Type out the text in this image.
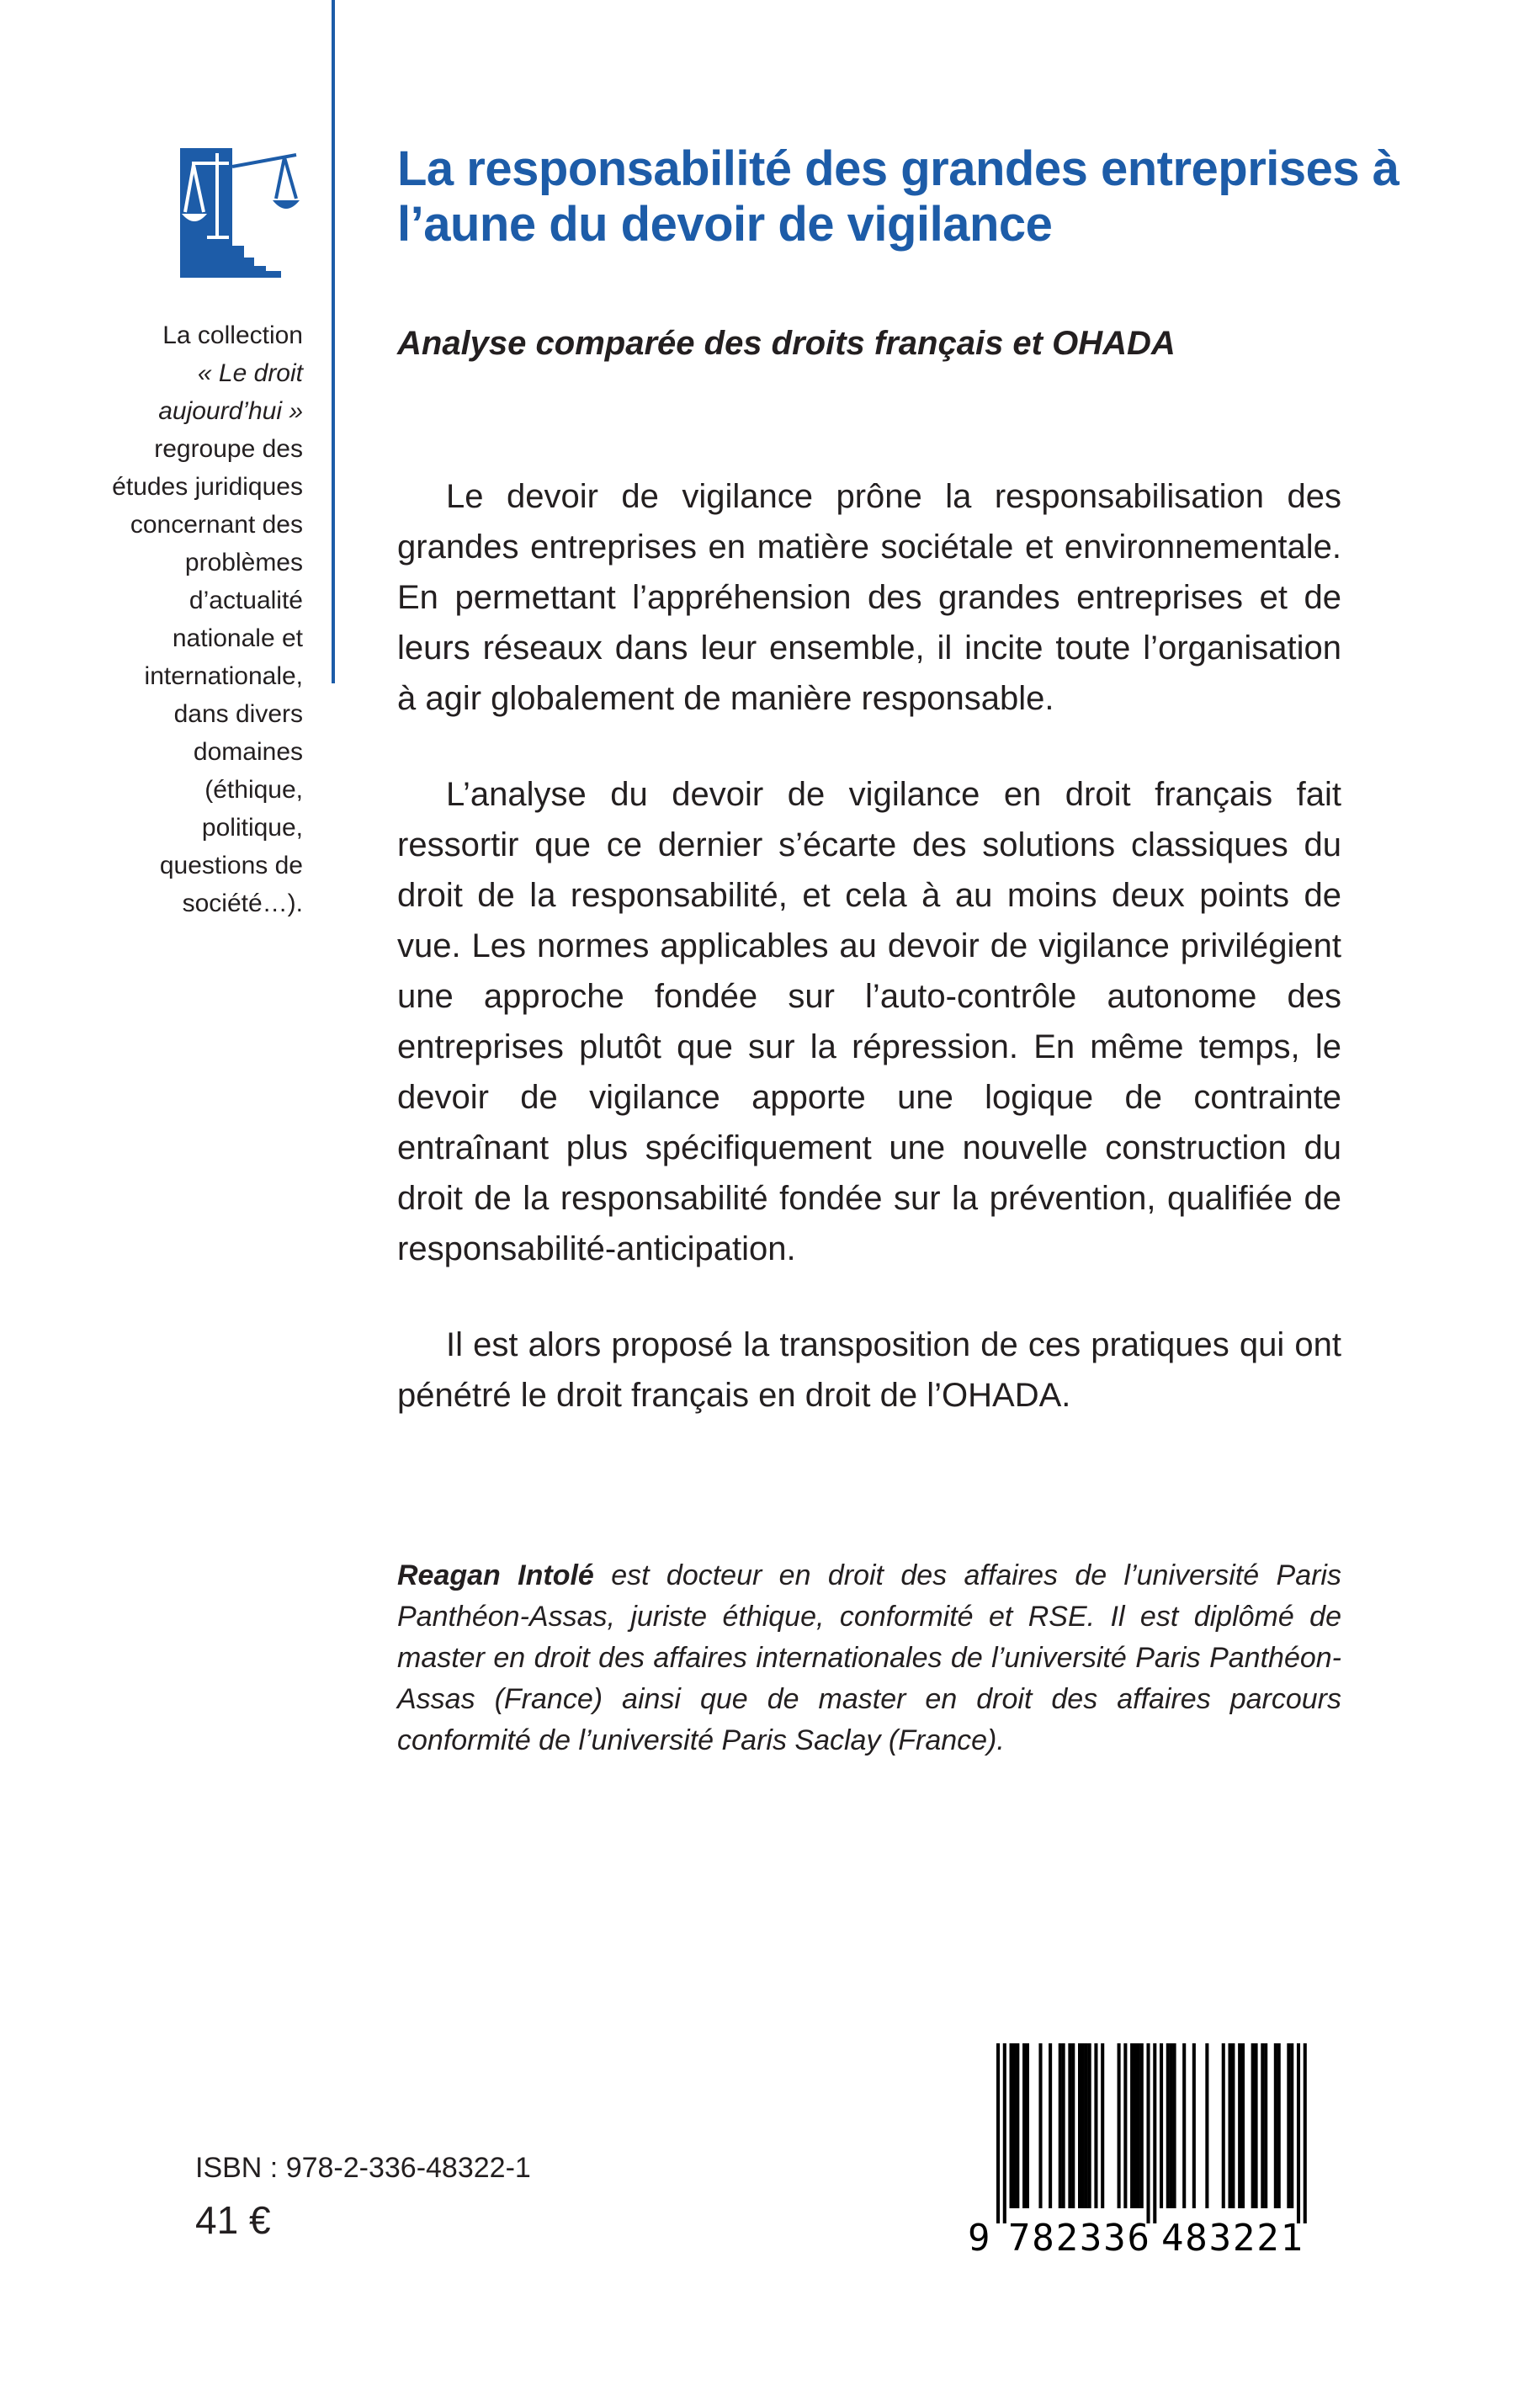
La collection
« Le droit aujourd’hui » regroupe des études juridiques concernant des problèmes d’actualité nationale et internationale, dans divers domaines (éthique, politique, questions de société…).
La responsabilité des grandes entreprises à l’aune du devoir de vigilance
Analyse comparée des droits français et OHADA

Le devoir de vigilance prône la responsabilisation des grandes entreprises en matière sociétale et environnementale. En permettant l’appréhension des grandes entreprises et de leurs réseaux dans leur ensemble, il incite toute l’organisation à agir globalement de manière responsable.

L’analyse du devoir de vigilance en droit français fait ressortir que ce dernier s’écarte des solutions classiques du droit de la responsabilité, et cela à au moins deux points de vue. Les normes applicables au devoir de vigilance privilégient une approche fondée sur l’auto-contrôle autonome des entreprises plutôt que sur la répression. En même temps, le devoir de vigilance apporte une logique de contrainte entraînant plus spécifiquement une nouvelle construction du droit de la responsabilité fondée sur la prévention, qualifiée de responsabilité-anticipation.

Il est alors proposé la transposition de ces pratiques qui ont pénétré le droit français en droit de l’OHADA.

Reagan Intolé est docteur en droit des affaires de l’université Paris Panthéon-Assas, juriste éthique, conformité et RSE. Il est diplômé de master en droit des affaires internationales de l’université Paris Panthéon-Assas (France) ainsi que de master en droit des affaires parcours conformité de l’université Paris Saclay (France).

ISBN : 978-2-336-48322-1
41 €	9 782336 483221
